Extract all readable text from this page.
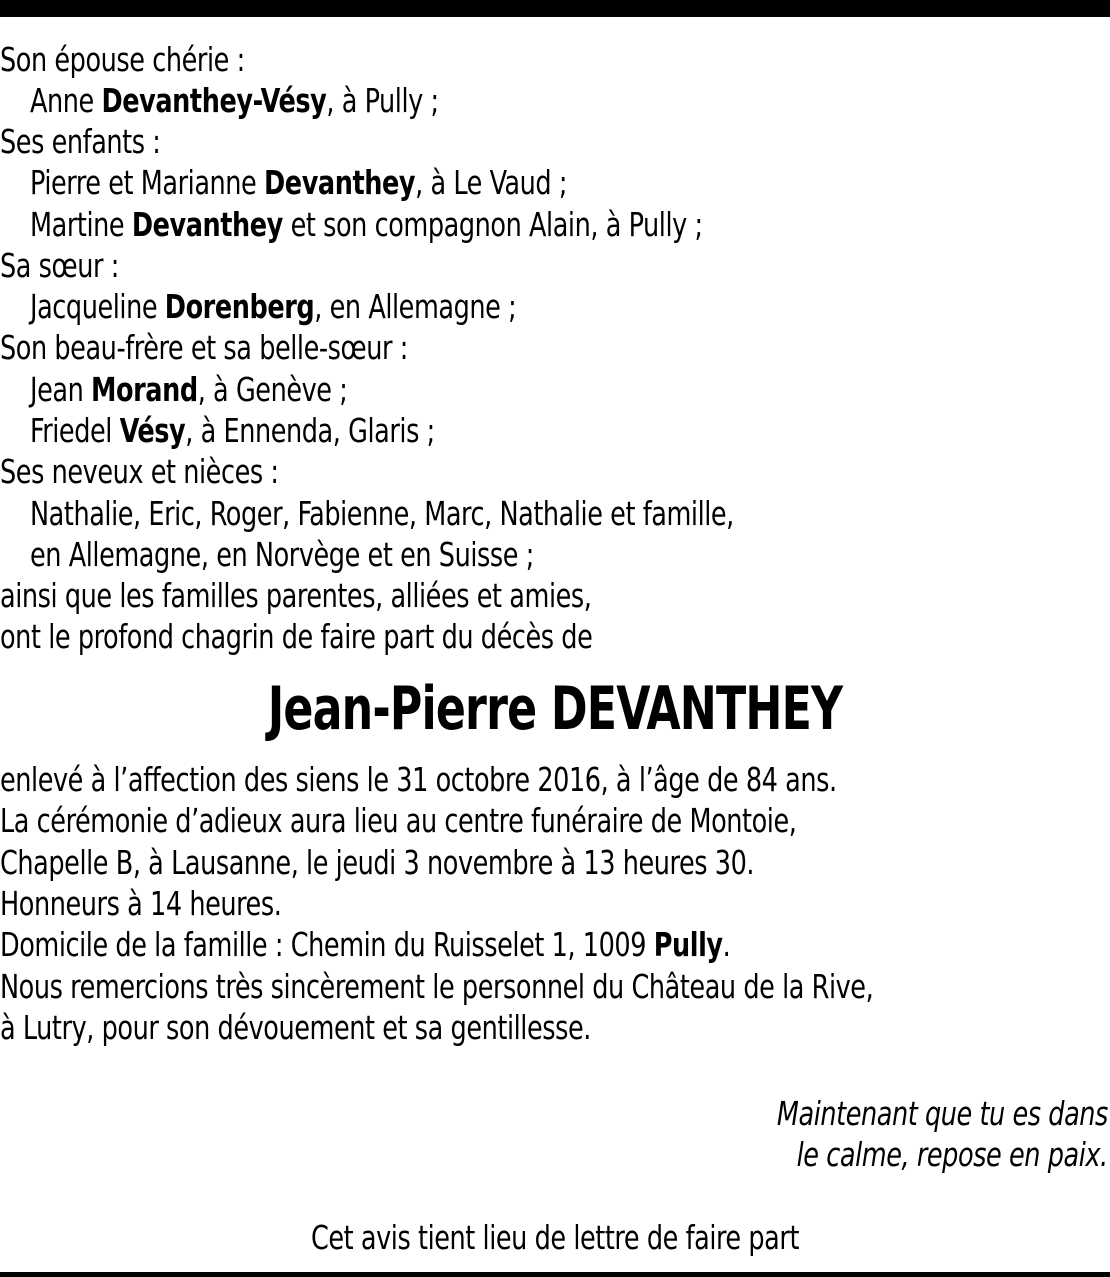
Son épouse chérie :
Anne Devanthey-Vésy, à Pully ;
Ses enfants :
Pierre et Marianne Devanthey, à Le Vaud ;
Martine Devanthey et son compagnon Alain, à Pully ;
Sa sœur :
Jacqueline Dorenberg, en Allemagne ;
Son beau-frère et sa belle-sœur :
Jean Morand, à Genève ;
Friedel Vésy, à Ennenda, Glaris ;
Ses neveux et nièces :
Nathalie, Eric, Roger, Fabienne, Marc, Nathalie et famille,
en Allemagne, en Norvège et en Suisse ;
ainsi que les familles parentes, alliées et amies,
ont le profond chagrin de faire part du décès de
Jean-Pierre DEVANTHEY
enlevé à l’affection des siens le 31 octobre 2016, à l’âge de 84 ans.
La cérémonie d’adieux aura lieu au centre funéraire de Montoie,
Chapelle B, à Lausanne, le jeudi 3 novembre à 13 heures 30.
Honneurs à 14 heures.
Domicile de la famille : Chemin du Ruisselet 1, 1009 Pully.
Nous remercions très sincèrement le personnel du Château de la Rive,
à Lutry, pour son dévouement et sa gentillesse.
Maintenant que tu es dans
le calme, repose en paix.
Cet avis tient lieu de lettre de faire part
